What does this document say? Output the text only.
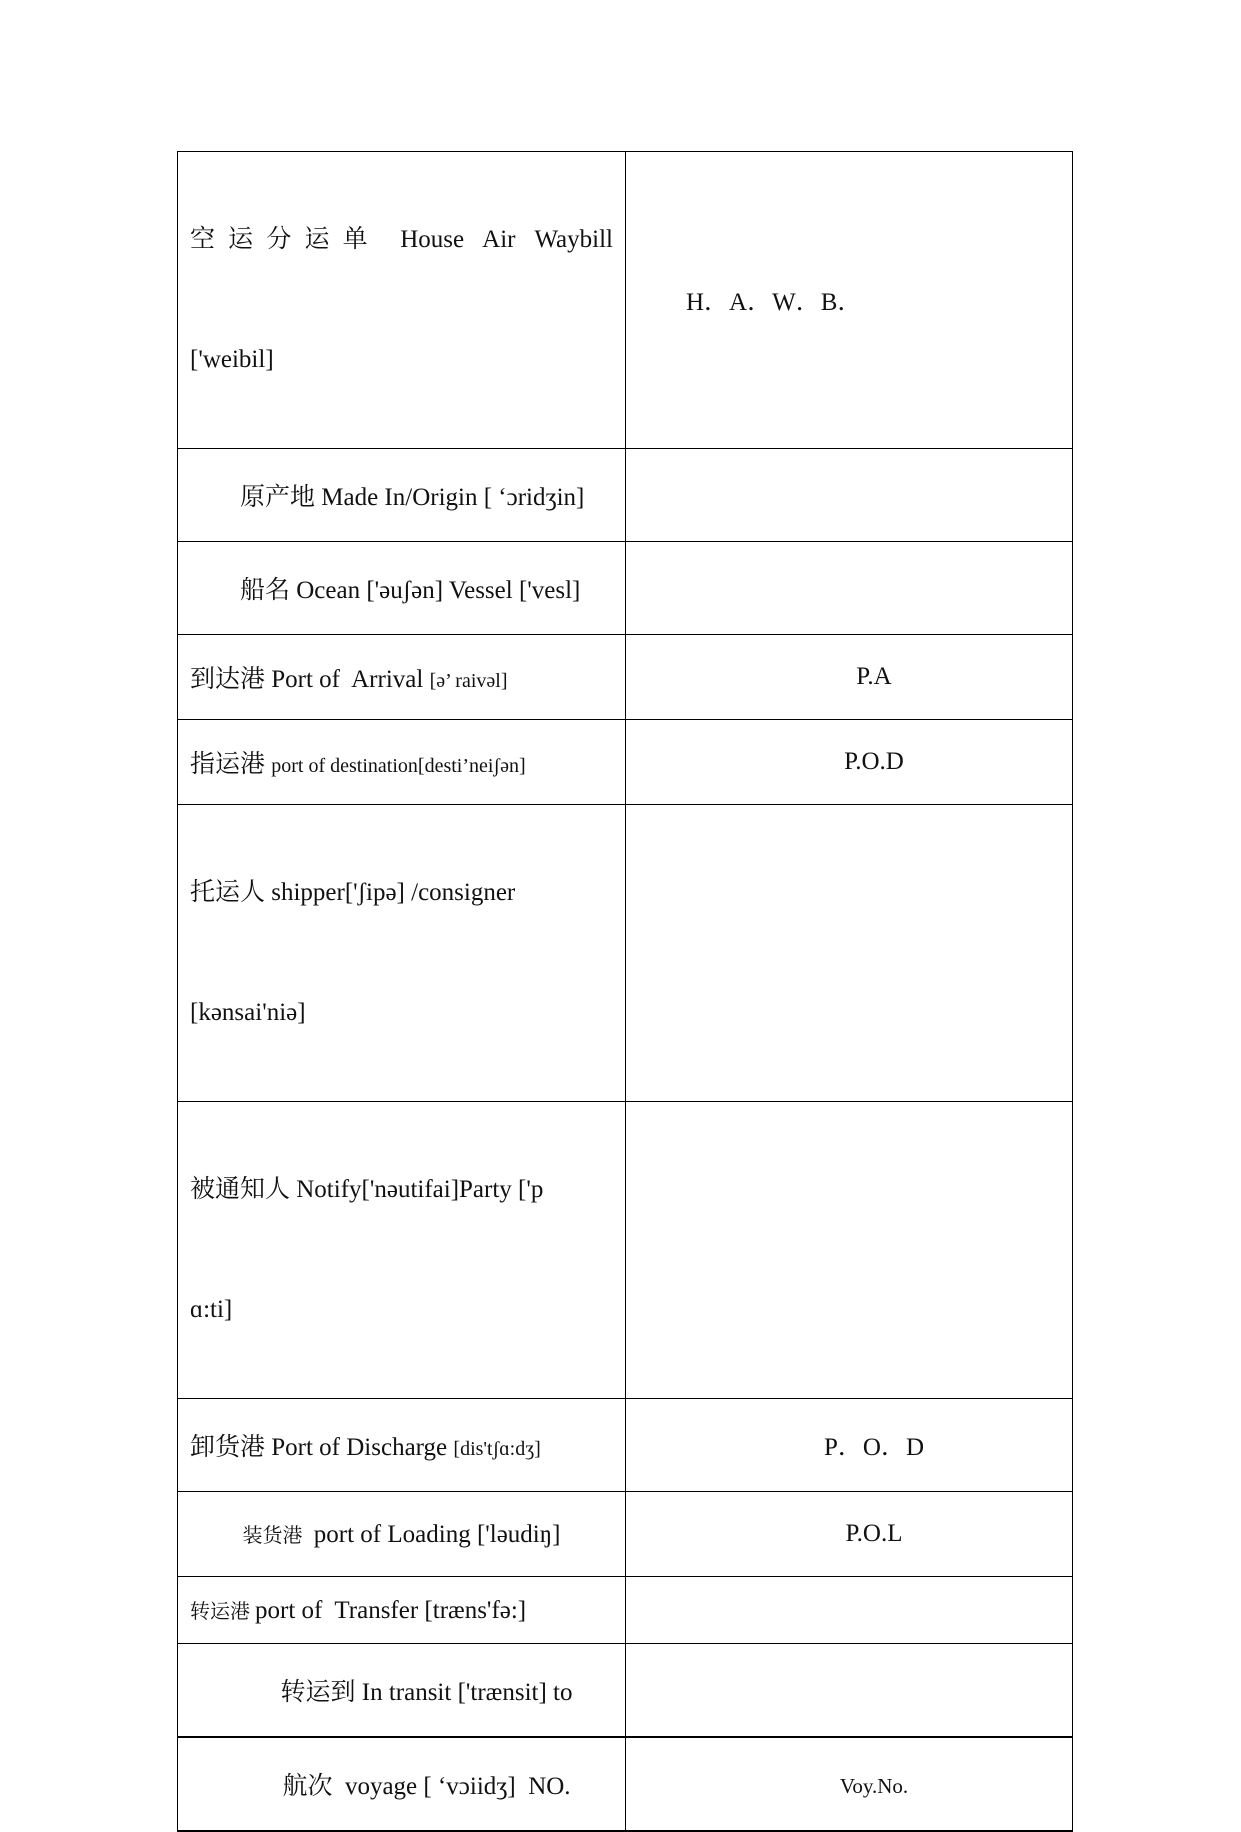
空运分运单 House Air Waybill

['weibil]	H．A．W．B．

原产地 Made In/Origin [ ‘ɔridʒin]

船名 Ocean ['əuʃən] Vessel ['vesl]

到达港 Port of  Arrival [ə’ raivəl]	P.A

指运港 port of destination[desti’neiʃən]	P.O.D

托运人 shipper['ʃipə] /consigner

[kənsai'niə]	

被通知人 Notify['nəutifai]Party ['p

ɑ:ti]	

卸货港 Port of Discharge [dis'tʃɑ:dʒ]	P．O．D

装货港  port of Loading ['ləudiŋ]	P.O.L

转运港 port of  Transfer [træns'fə:]	

转运到 In transit ['trænsit] to

航次  voyage [ ‘vɔiidʒ]  NO.	Voy.No.
